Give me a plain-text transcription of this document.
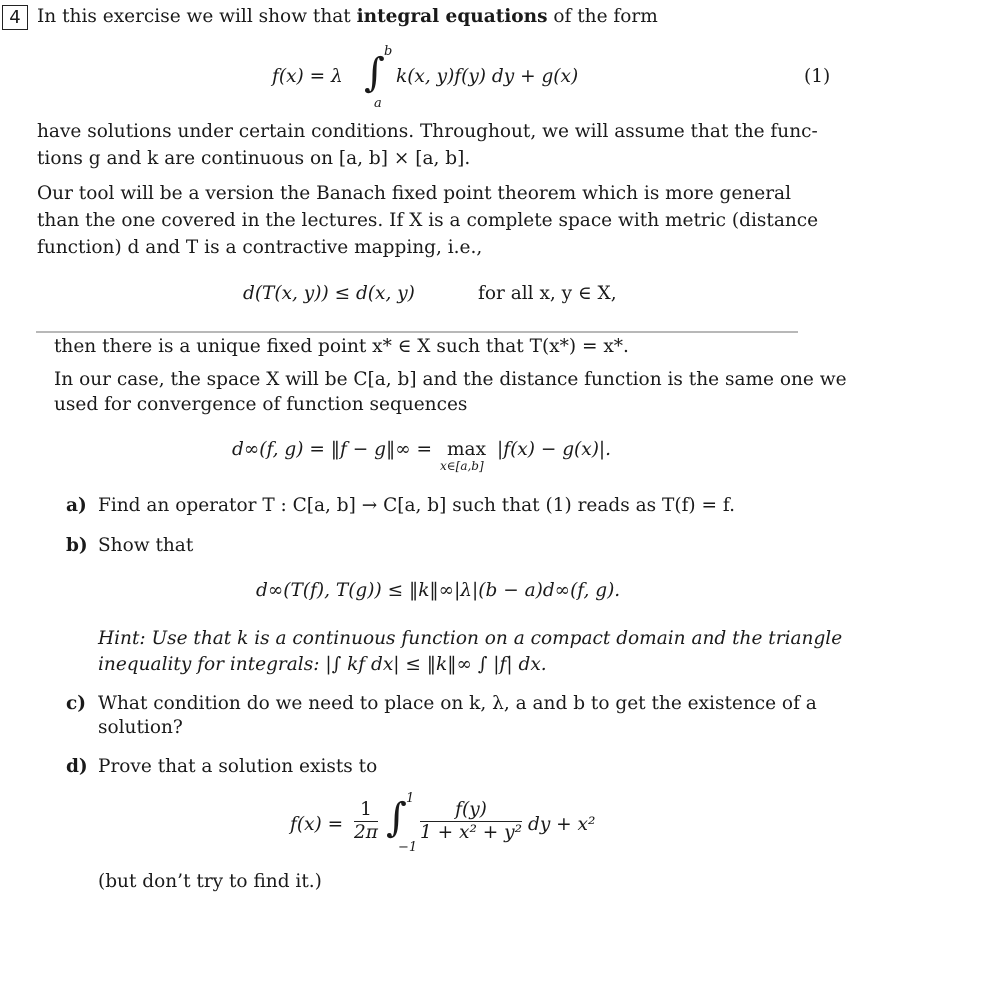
4 In this exercise we will show that integral equations of the form
f(x) = λ ∫ b
a
k(x, y)f(y) dy + g(x)	(1)
have solutions under certain conditions. Throughout, we will assume that the func-
tions g and k are continuous on [a, b] × [a, b].
Our tool will be a version the Banach fixed point theorem which is more general
than the one covered in the lectures. If X is a complete space with metric (distance
function) d and T is a contractive mapping, i.e.,
d(T(x, y)) ≤ d(x, y)	for all x, y ∈ X,
then there is a unique fixed point x* ∈ X such that T(x*) = x*.
In our case, the space X will be C[a, b] and the distance function is the same one we
used for convergence of function sequences
d∞(f, g) = ‖f − g‖∞ = max
x∈[a,b]
|f(x) − g(x)|.
a) Find an operator T : C[a, b] → C[a, b] such that (1) reads as T(f) = f.
b) Show that
d∞(T(f), T(g)) ≤ ‖k‖∞|λ|(b − a)d∞(f, g).
Hint: Use that k is a continuous function on a compact domain and the triangle
inequality for integrals: |∫ kf dx| ≤ ‖k‖∞ ∫ |f| dx.
c) What condition do we need to place on k, λ, a and b to get the existence of a
solution?
d) Prove that a solution exists to
$f(x) = \frac{1}{2\pi}$ ∫ 1
−1
$\frac{f(y)}{\text{1 + x² + y²}}$ dy + x²
(but don’t try to find it.)
